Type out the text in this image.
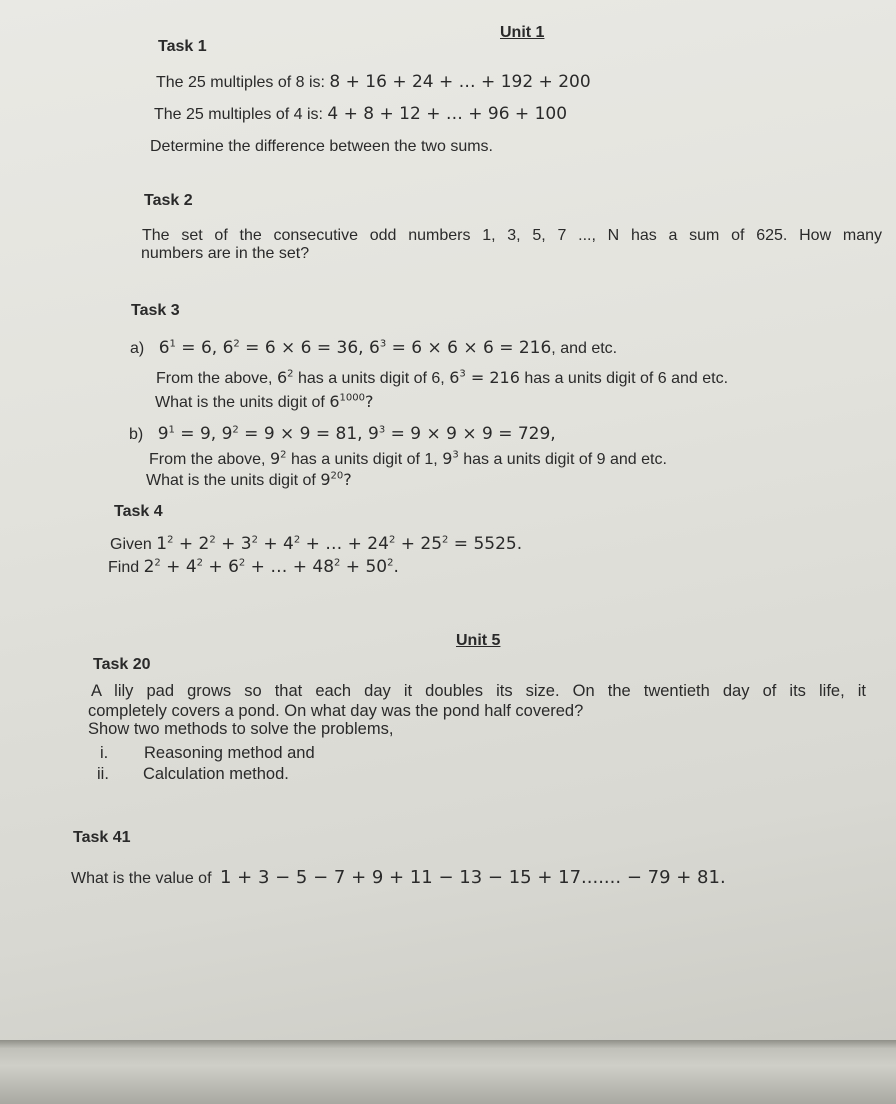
Unit 1
Task 1
The 25 multiples of 8 is: 8 + 16 + 24 + … + 192 + 200
The 25 multiples of 4 is: 4 + 8 + 12 + … + 96 + 100
Determine the difference between the two sums.
Task 2
The set of the consecutive odd numbers 1, 3, 5, 7 ..., N has a sum of 625. How many
numbers are in the set?
Task 3
a) $6^1 = 6$, $6^2 = 6 \times 6 = 36$, $6^3 = 6 \times 6 \times 6 = 216$, and etc.
From the above, $6^2$ has a units digit of 6, $6^3 = 216$ has a units digit of 6 and etc.
What is the units digit of $6^{1000}$?
b) $9^1 = 9$, $9^2 = 9 \times 9 = 81$, $9^3 = 9 \times 9 \times 9 = 729$,
From the above, $9^2$ has a units digit of 1, $9^3$ has a units digit of 9 and etc.
What is the units digit of $9^{20}$?
Task 4
Given $1^2 + 2^2 + 3^2 + 4^2$ + … + $24^2 + 25^2 = 5525$.
Find $2^2 + 4^2 + 6^2$ + … + $48^2 + 50^2$.
Unit 5
Task 20
A lily pad grows so that each day it doubles its size. On the twentieth day of its life, it
completely covers a pond. On what day was the pond half covered?
Show two methods to solve the problems,
i. Reasoning method and
ii. Calculation method.
Task 41
What is the value of 1 + 3 − 5 − 7 + 9 + 11 − 13 − 15 + 17....... − 79 + 81.
